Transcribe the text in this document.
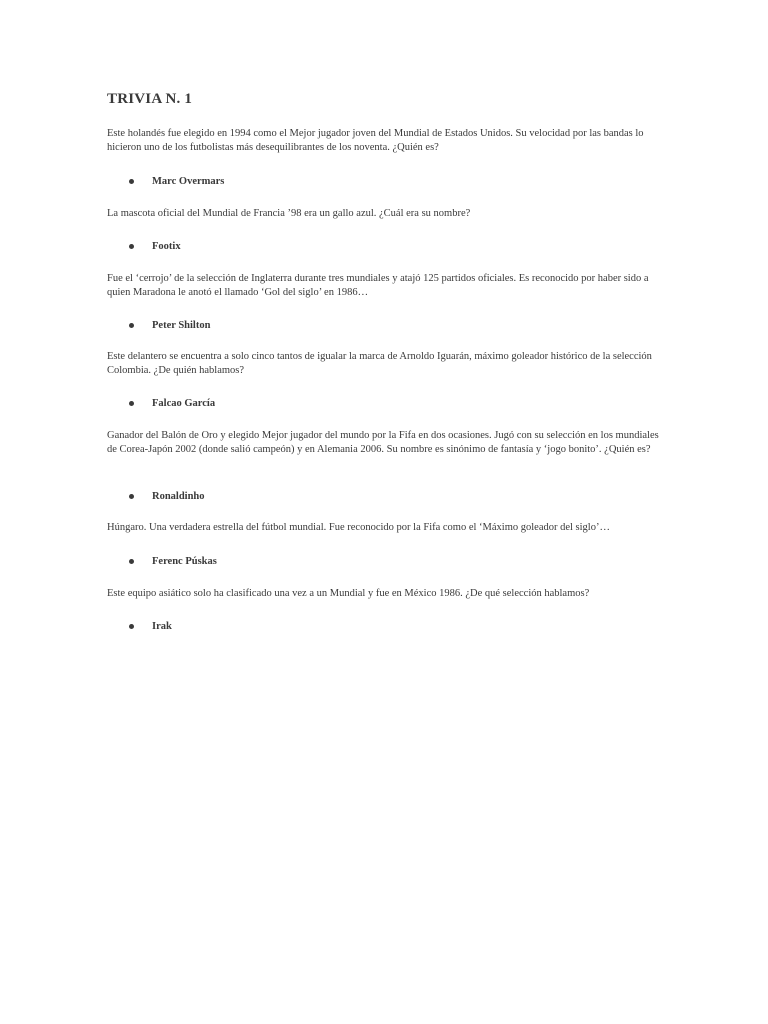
TRIVIA N. 1

Este holandés fue elegido en 1994 como el Mejor jugador joven del Mundial de Estados Unidos. Su velocidad por las bandas lo hicieron uno de los futbolistas más desequilibrantes de los noventa. ¿Quién es?

Marc Overmars

La mascota oficial del Mundial de Francia ’98 era un gallo azul. ¿Cuál era su nombre?

Footix

Fue el ‘cerrojo’ de la selección de Inglaterra durante tres mundiales y atajó 125 partidos oficiales. Es reconocido por haber sido a quien Maradona le anotó el llamado ‘Gol del siglo’ en 1986…

Peter Shilton

Este delantero se encuentra a solo cinco tantos de igualar la marca de Arnoldo Iguarán, máximo goleador histórico de la selección Colombia. ¿De quién hablamos?

Falcao García

Ganador del Balón de Oro y elegido Mejor jugador del mundo por la Fifa en dos ocasiones. Jugó con su selección en los mundiales de Corea-Japón 2002 (donde salió campeón) y en Alemania 2006. Su nombre es sinónimo de fantasía y ‘jogo bonito’. ¿Quién es?

Ronaldinho

Húngaro. Una verdadera estrella del fútbol mundial. Fue reconocido por la Fifa como el ‘Máximo goleador del siglo’…

Ferenc Púskas

Este equipo asiático solo ha clasificado una vez a un Mundial y fue en México 1986. ¿De qué selección hablamos?

Irak
